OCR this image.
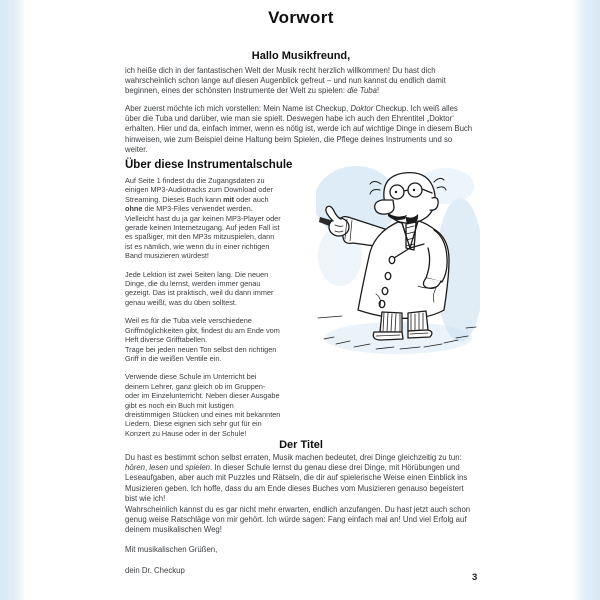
Vorwort
Hallo Musikfreund,

ich heiße dich in der fantastischen Welt der Musik recht herzlich willkommen! Du hast dich wahrscheinlich schon lange auf diesen Augenblick gefreut – und nun kannst du endlich damit beginnen, eines der schönsten Instrumente der Welt zu spielen: die Tuba!

Aber zuerst möchte ich mich vorstellen: Mein Name ist Checkup, Doktor Checkup. Ich weiß alles über die Tuba und darüber, wie man sie spielt. Deswegen habe ich auch den Ehrentitel „Doktor‘ erhalten. Hier und da, einfach immer, wenn es nötig ist, werde ich auf wichtige Dinge in diesem Buch hinweisen, wie zum Beispiel deine Haltung beim Spielen, die Pflege deines Instruments und so weiter.

Über diese Instrumentalschule

Auf Seite 1 findest du die Zugangsdaten zu einigen MP3-Audiotracks zum Download oder Streaming. Dieses Buch kann mit oder auch ohne die MP3-Files verwendet werden. Vielleicht hast du ja gar keinen MP3-Player oder gerade keinen Internetzugang. Auf jeden Fall ist es spaßiger, mit den MP3s mitzuspielen, dann ist es nämlich, wie wenn du in einer richtigen Band musizieren würdest!

Jede Lektion ist zwei Seiten lang. Die neuen Dinge, die du lernst, werden immer genau gezeigt. Das ist praktisch, weil du dann immer genau weißt, was du üben solltest.

Weil es für die Tuba viele verschiedene Griffmöglichkeiten gibt, findest du am Ende vom Heft diverse Grifftabellen.

Trage bei jeden neuen Ton selbst den richtigen Griff in die weißen Ventile ein.

Verwende diese Schule im Unterricht bei deinem Lehrer, ganz gleich ob im Gruppen- oder im Einzelunterricht. Neben dieser Ausgabe gibt es noch ein Buch mit lustigen dreistimmigen Stücken und eines mit bekannten Liedern. Diese eignen sich sehr gut für ein Konzert zu Hause oder in der Schule!

Der Titel

Du hast es bestimmt schon selbst erraten, Musik machen bedeutet, drei Dinge gleichzeitig zu tun: hören, lesen und spielen. In dieser Schule lernst du genau diese drei Dinge, mit Hörübungen und Leseaufgaben, aber auch mit Puzzles und Rätseln, die dir auf spielerische Weise einen Einblick ins Musizieren geben. Ich hoffe, dass du am Ende dieses Buches vom Musizieren genauso begeistert bist wie ich!

Wahrscheinlich kannst du es gar nicht mehr erwarten, endlich anzufangen. Du hast jetzt auch schon genug weise Ratschläge von mir gehört. Ich würde sagen: Fang einfach mal an! Und viel Erfolg auf deinem musikalischen Weg!

Mit musikalischen Grüßen,

dein Dr. Checkup

3
